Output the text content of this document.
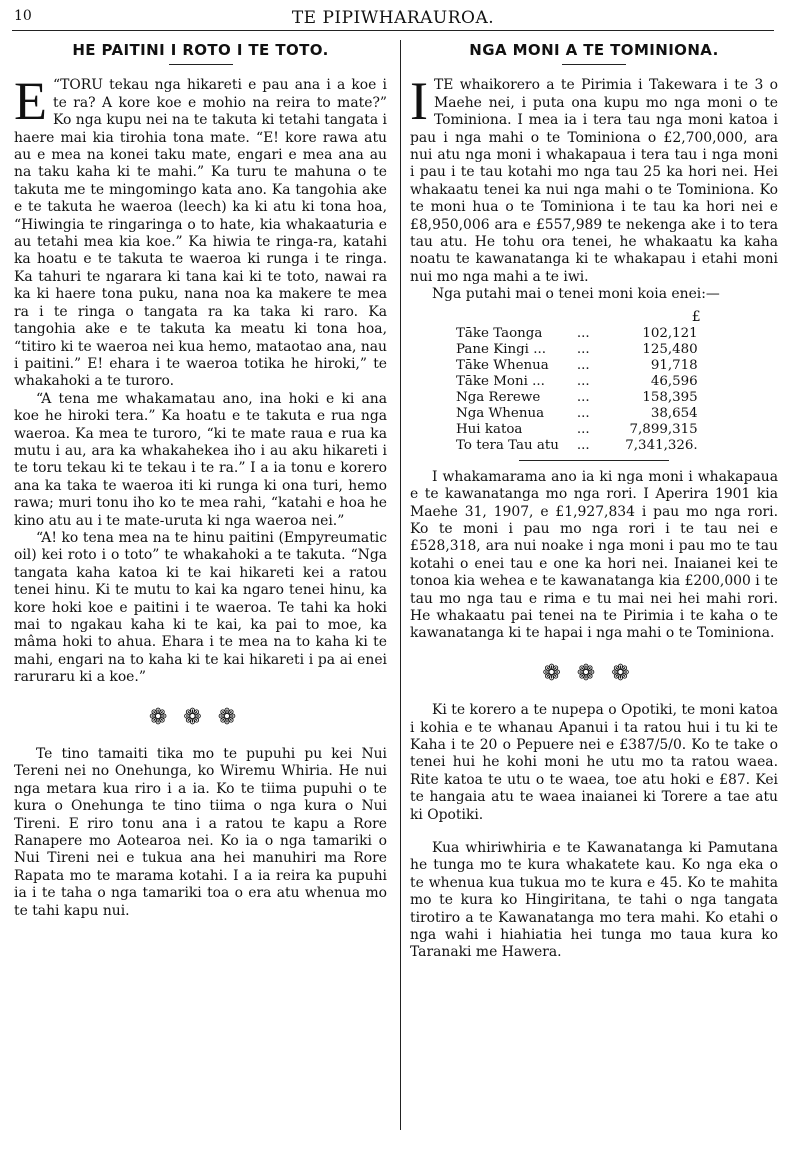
10	TE PIPIWHARAUROA.
HE PAITINI I ROTO I TE TOTO.

E “TORU tekau nga hikareti e pau ana i a koe i te ra? A kore koe e mohio na reira to mate?” Ko nga kupu nei na te takuta ki tetahi tangata i haere mai kia tirohia tona mate. “E! kore rawa atu au e mea na konei taku mate, engari e mea ana au na taku kaha ki te mahi.” Ka turu te mahuna o te takuta me te mingomingo kata ano. Ka tangohia ake e te takuta he waeroa (leech) ka ki atu ki tona hoa, “Hiwingia te ringaringa o to hate, kia whakaaturia e au tetahi mea kia koe.” Ka hiwia te ringa-ra, katahi ka hoatu e te takuta te waeroa ki runga i te ringa. Ka tahuri te ngarara ki tana kai ki te toto, nawai ra ka ki haere tona puku, nana noa ka makere te mea ra i te ringa o tangata ra ka taka ki raro. Ka tangohia ake e te takuta ka meatu ki tona hoa, “titiro ki te waeroa nei kua hemo, mataotao ana, nau i paitini.” E! ehara i te waeroa totika he hiroki,” te whakahoki a te turoro.

“A tena me whakamatau ano, ina hoki e ki ana koe he hiroki tera.” Ka hoatu e te takuta e rua nga waeroa. Ka mea te turoro, “ki te mate raua e rua ka mutu i au, ara ka whakahekea iho i au aku hikareti i te toru tekau ki te tekau i te ra.” I a ia tonu e korero ana ka taka te waeroa iti ki runga ki ona turi, hemo rawa; muri tonu iho ko te mea rahi, “katahi e hoa he kino atu au i te mate-uruta ki nga waeroa nei.”

“A! ko tena mea na te hinu paitini (Empyreumatic oil) kei roto i o toto” te whakahoki a te takuta. “Nga tangata kaha katoa ki te kai hikareti kei a ratou tenei hinu. Ki te mutu to kai ka ngaro tenei hinu, ka kore hoki koe e paitini i te waeroa. Te tahi ka hoki mai to ngakau kaha ki te kai, ka pai to moe, ka mâma hoki to ahua. Ehara i te mea na to kaha ki te mahi, engari na to kaha ki te kai hikareti i pa ai enei raruraru ki a koe.”

❁❁❁

Te tino tamaiti tika mo te pupuhi pu kei Nui Tereni nei no Onehunga, ko Wiremu Whiria. He nui nga metara kua riro i a ia. Ko te tiima pupuhi o te kura o Onehunga te tino tiima o nga kura o Nui Tireni. E riro tonu ana i a ratou te kapu a Rore Ranapere mo Aotearoa nei. Ko ia o nga tamariki o Nui Tireni nei e tukua ana hei manuhiri ma Rore Rapata mo te marama kotahi. I a ia reira ka pupuhi ia i te taha o nga tamariki toa o era atu whenua mo te tahi kapu nui.

NGA MONI A TE TOMINIONA.

ITE whaikorero a te Pirimia i Takewara i te 3 o Maehe nei, i puta ona kupu mo nga moni o te Tominiona. I mea ia i tera tau nga moni katoa i pau i nga mahi o te Tominiona o £2,700,000, ara nui atu nga moni i whakapaua i tera tau i nga moni i pau i te tau kotahi mo nga tau 25 ka hori nei. Hei whakaatu tenei ka nui nga mahi o te Tominiona. Ko te moni hua o te Tominiona i te tau ka hori nei e £8,950,006 ara e £557,989 te nekenga ake i to tera tau atu. He tohu ora tenei, he whakaatu ka kaha noatu te kawanatanga ki te whakapau i etahi moni nui mo nga mahi a te iwi.

Nga putahi mai o tenei moni koia enei:—

		£
Tāke Taonga	...	102,121
Pane Kingi ...	...	125,480
Tāke Whenua	...	91,718
Tāke Moni ...	...	46,596
Nga Rerewe	...	158,395
Nga Whenua	...	38,654
Hui katoa	...	7,899,315
To tera Tau atu	...	7,341,326.

I whakamarama ano ia ki nga moni i whakapaua e te kawanatanga mo nga rori. I Aperira 1901 kia Maehe 31, 1907, e £1,927,834 i pau mo nga rori. Ko te moni i pau mo nga rori i te tau nei e £528,318, ara nui noake i nga moni i pau mo te tau kotahi o enei tau e one ka hori nei. Inaianei kei te tonoa kia wehea e te kawanatanga kia £200,000 i te tau mo nga tau e rima e tu mai nei hei mahi rori. He whakaatu pai tenei na te Pirimia i te kaha o te kawanatanga ki te hapai i nga mahi o te Tominiona.

❁❁❁

Ki te korero a te nupepa o Opotiki, te moni katoa i kohia e te whanau Apanui i ta ratou hui i tu ki te Kaha i te 20 o Pepuere nei e £387/5/0. Ko te take o tenei hui he kohi moni he utu mo ta ratou waea. Rite katoa te utu o te waea, toe atu hoki e £87. Kei te hangaia atu te waea inaianei ki Torere a tae atu ki Opotiki.

Kua whiriwhiria e te Kawanatanga ki Pamutana he tunga mo te kura whakatete kau. Ko nga eka o te whenua kua tukua mo te kura e 45. Ko te mahita mo te kura ko Hingiritana, te tahi o nga tangata tirotiro a te Kawanatanga mo tera mahi. Ko etahi o nga wahi i hiahiatia hei tunga mo taua kura ko Taranaki me Hawera.
